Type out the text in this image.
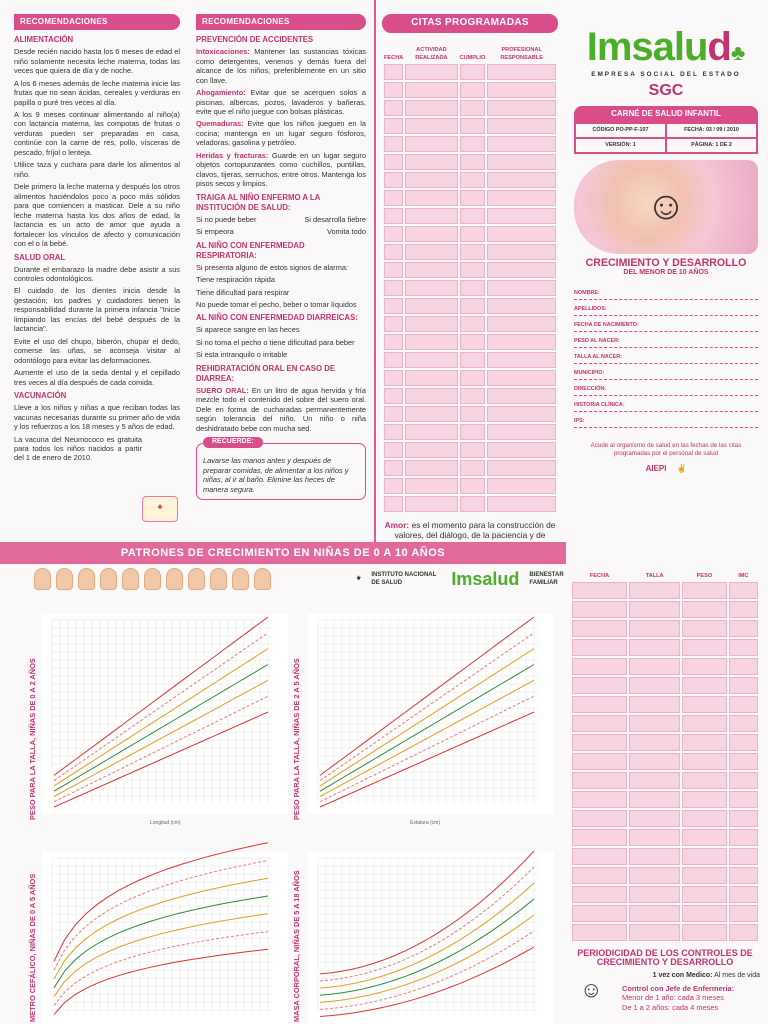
RECOMENDACIONES
ALIMENTACIÓN

Desde recién nacido hasta los 6 meses de edad el niño solamente necesita leche materna, todas las veces que quiera de día y de noche.

A los 6 meses además de leche materna inicie las frutas que no sean ácidas, cereales y verduras en papilla o puré tres veces al día.

A los 9 meses continuar alimentando al niño(a) con lactancia materna, las compotas de frutas o verduras pueden ser preparadas en casa, continúe con la carne de res, pollo, vísceras de pescado, fríjol o lenteja.

Utilice taza y cuchara para darle los alimentos al niño.

Dele primero la leche materna y después los otros alimentos haciéndolos poco a poco más sólidos para que comiencen a masticar. Dele a su niño leche materna hasta los dos años de edad, la lactancia es un acto de amor que ayuda a fortalecer los vínculos de afecto y comunicación con el o la bebé.

SALUD ORAL

Durante el embarazo la madre debe asistir a sus controles odontológicos.

El cuidado de los dientes inicia desde la gestación; los padres y cuidadores tienen la responsabilidad durante la primera infancia "Inicie limpiando las encías del bebé después de la lactancia".

Evite el uso del chupo, biberón, chupar el dedo, comerse las uñas, se aconseja visitar al odontólogo para evitar las deformaciones.

Aumente el uso de la seda dental y el cepillado tres veces al día después de cada comida.

VACUNACIÓN

Lleve a los niños y niñas a que reciban todas las vacunas necesarias durante su primer año de vida y los refuerzos a los 18 meses y 5 años de edad.

La vacuna del Neumococo es gratuita para todos los niños nacidos a partir del 1 de enero de 2010.

✚
RECOMENDACIONES
PREVENCIÓN DE ACCIDENTES

Intoxicaciones: Mantener las sustancias tóxicas como detergentes, venenos y demás fuera del alcance de los niños, preferiblemente en un sitio con llave.

Ahogamiento: Evitar que se acerquen solos a piscinas, albercas, pozos, lavaderos y bañeras, evite que el niño juegue con bolsas plásticas.

Quemaduras: Evite que los niños jueguen en la cocina; mantenga en un lugar seguro fósforos, veladoras, gasolina y petróleo.

Heridas y fracturas: Guarde en un lugar seguro objetos cortopunzantes como cuchillos, puntillas, clavos, tijeras, serruchos, entre otros. Mantenga los pisos secos y limpios.

TRAIGA AL NIÑO ENFERMO A LA INSTITUCIÓN DE SALUD:
Si no puede beber	Si desarrolla fiebre
Si empeora	Vomita todo
AL NIÑO CON ENFERMEDAD RESPIRATORIA:

Si presenta alguno de estos signos de alarma:

Tiene respiración rápida

Tiene dificultad para respirar

No puede tomar el pecho, beber o tomar líquidos

AL NIÑO CON ENFERMEDAD DIARREICAS:

Si aparece sangre en las heces

Si no toma el pecho o tiene dificultad para beber

Si esta intranquilo o irritable

REHIDRATACIÓN ORAL EN CASO DE DIARREA:

SUERO ORAL: En un litro de agua hervida y fría mezcle todo el contenido del sobre del suero oral. Dele en forma de cucharadas permanentemente según tolerancia del niño. Un niño o niña deshidratado bebe con mucha sed.

RECUERDE:
Lavarse las manos antes y después de preparar comidas, de alimentar a los niños y niñas, al ir al baño. Elimine las heces de manera segura.
CITAS PROGRAMADAS
FECHA	ACTIVIDAD REALIZADA	CUMPLIO	PROFESIONAL RESPONSABLE

Amor: es el momento para la construcción de valores, del diálogo, de la paciencia y de
Imsalud♣
EMPRESA SOCIAL DEL ESTADO
SGC
CARNÉ DE SALUD INFANTIL
CÓDIGO PO-PP-F-107	FECHA: 03 / 09 / 2010
VERSIÓN: 1	PÁGINA: 1 DE 2
☺
CRECIMIENTO Y DESARROLLO
DEL MENOR DE 10 AÑOS
NOMBRE:
APELLIDOS:
FECHA DE NACIMIENTO:
PESO AL NACER:
TALLA AL NACER:
MUNICIPIO:
DIRECCIÓN:
HISTORIA CLÍNICA:
IPS:
Acude al organismo de salud en las fechas de las citas programadas por el personal de salud
AIEPI ✌
PATRONES DE CRECIMIENTO EN NIÑAS DE 0 A 10 AÑOS
⚜
INSTITUTO NACIONAL DE SALUD	Imsalud BIENESTAR FAMILIAR
PESO PARA LA TALLA, NIÑAS DE 0 A 2 AÑOS
Longitud (cm)
PESO PARA LA TALLA, NIÑAS DE 2 A 5 AÑOS
Estatura (cm)
METRO CEFÁLICO, NIÑAS DE 0 A 5 AÑOS	MASA CORPORAL, NIÑAS DE 5 A 18 AÑOS
FECHA	TALLA	PESO	IMC

PERIODICIDAD DE LOS CONTROLES DE CRECIMIENTO Y DESARROLLO
1 vez con Medico: Al mes de vida
Control con Jefe de Enfermeria:
Menor de 1 año: cada 3 meses
De 1 a 2 años: cada 4 meses
☺
